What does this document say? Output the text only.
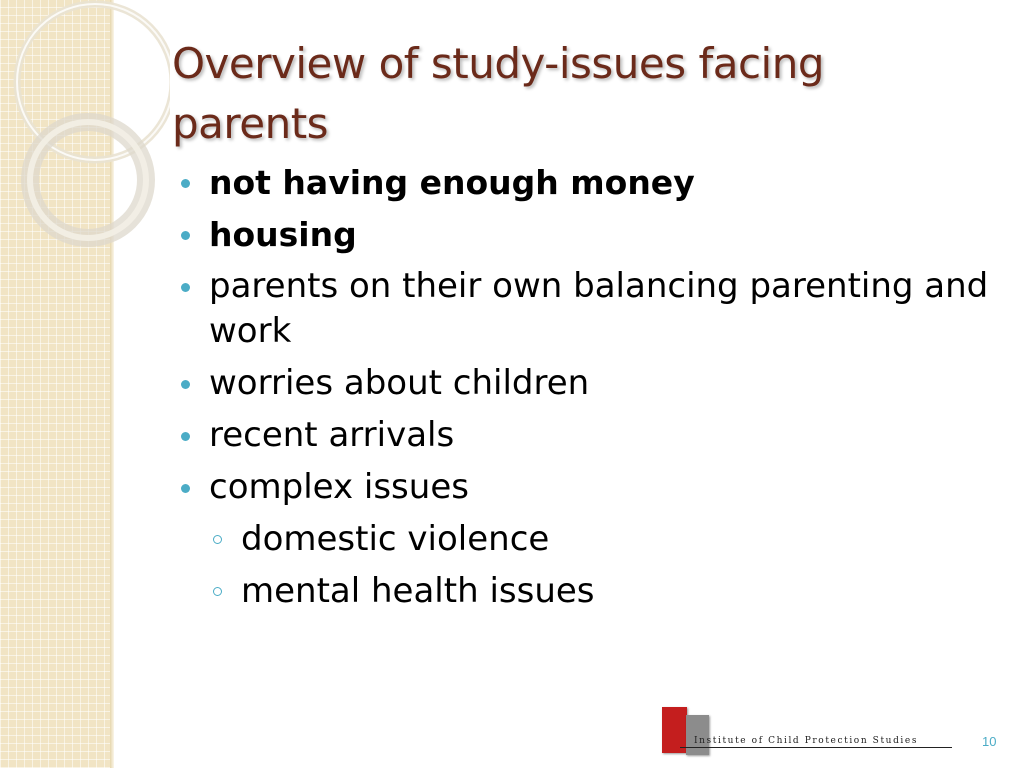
Overview of study-issues facing parents
not having enough money
housing
parents on their own balancing parenting and work
worries about children
recent arrivals
complex issues
domestic violence
mental health issues
Institute of Child Protection Studies	10
